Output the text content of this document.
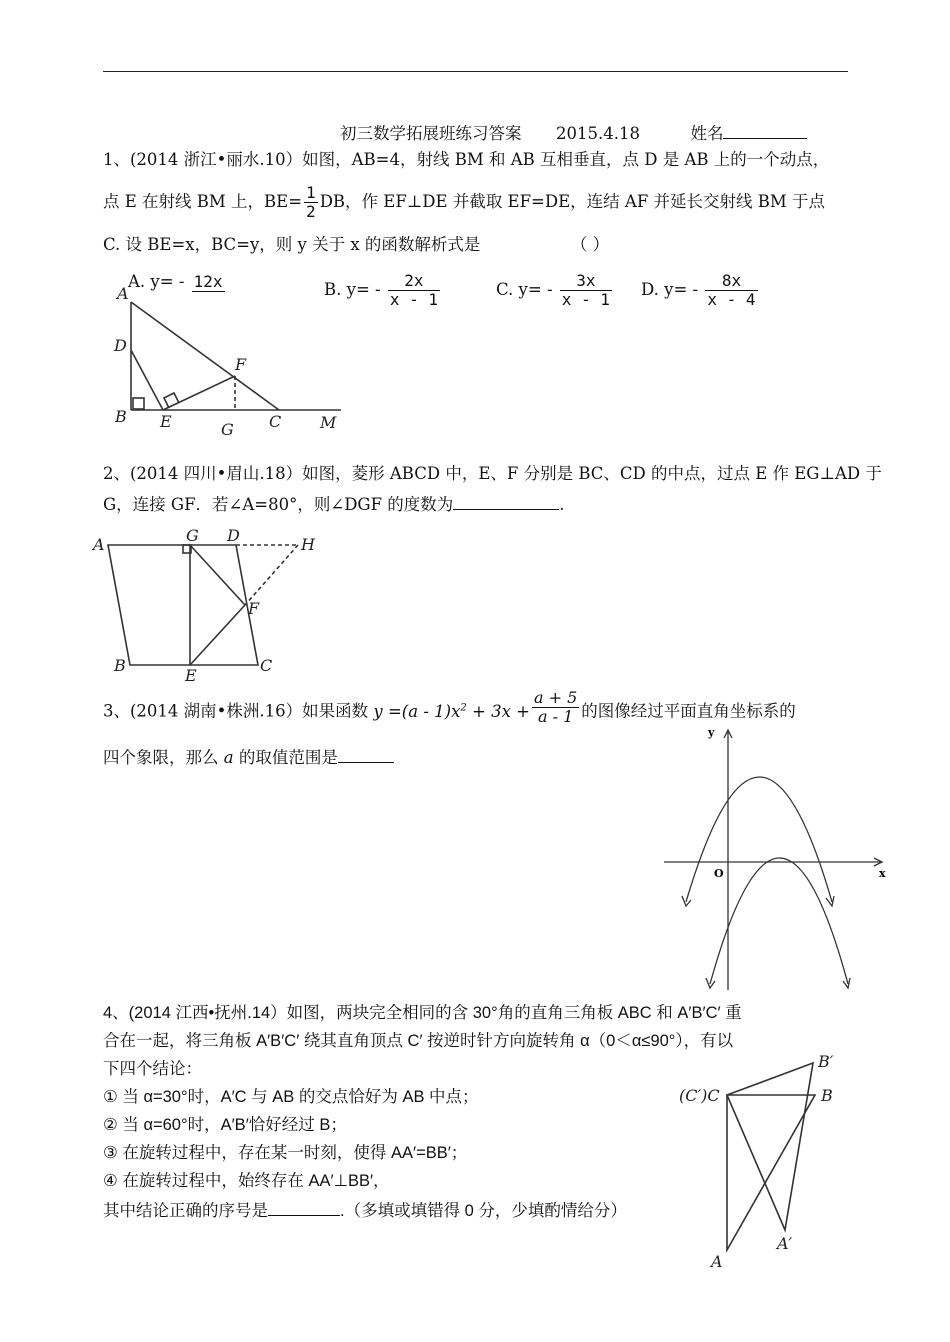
初三数学拓展班练习答案 2015.4.18	姓名
1、(2014 浙江•丽水.10）如图，AB=4，射线 BM 和 AB 互相垂直，点 D 是 AB 上的一个动点，
点 E 在射线 BM 上，$BE= \frac{1}{2}$ DB，作 EF⊥DE 并截取 EF=DE，连结 AF 并延长交射线 BM 于点
C. 设 BE=x，BC=y，则 y 关于 x 的函数解析式是	（ ）
A. y= - 12x	B. $y= - \frac{2x}{x - 1}$	C. $y= - \frac{3x}{x - 1} D$. $y= - \frac{8x}{x - 4}$
A
D
F
B E	G C M
2、(2014 四川•眉山.18）如图，菱形 ABCD 中，E、F 分别是 BC、CD 的中点，过点 E 作 EG⊥AD 于
G，连接 GF．若∠A=80°，则∠DGF 的度数为	.
A	G D	H
F
B
E
C
3、(2014 湖南•株洲.16）如果函数 $y =(a - 1)x^2 + 3x + \frac{a + 5}{a - 1}$ 的图像经过平面直角坐标系的
四个象限，那么 a 的取值范围是
y
O	x
4、(2014 江西•抚州.14）如图，两块完全相同的含 30°角的直角三角板 ABC 和 A′B′C′ 重
合在一起，将三角板 A′B′C′ 绕其直角顶点 C′ 按逆时针方向旋转角 α（0＜α≤90°），有以
下四个结论：
① 当 α=30°时，A′C 与 AB 的交点恰好为 AB 中点；
② 当 α=60°时，A′B′恰好经过 B；
③ 在旋转过程中，存在某一时刻，使得 AA′=BB′；
④ 在旋转过程中，始终存在 AA′⊥BB′，
其中结论正确的序号是	.（多填或填错得 0 分，少填酌情给分）
B′
(C′)C	B
A
A′
